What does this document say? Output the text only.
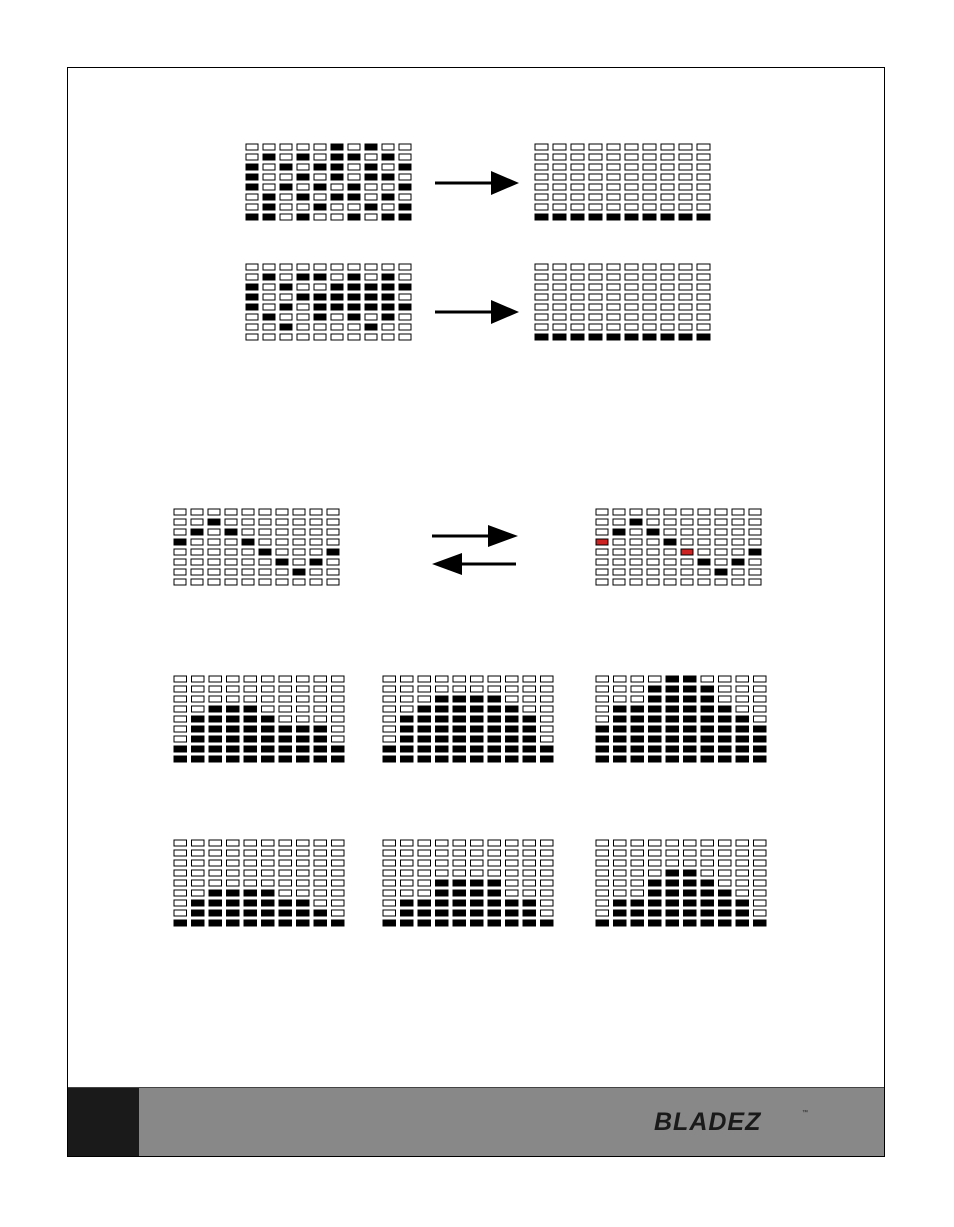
BLADEZ	™
